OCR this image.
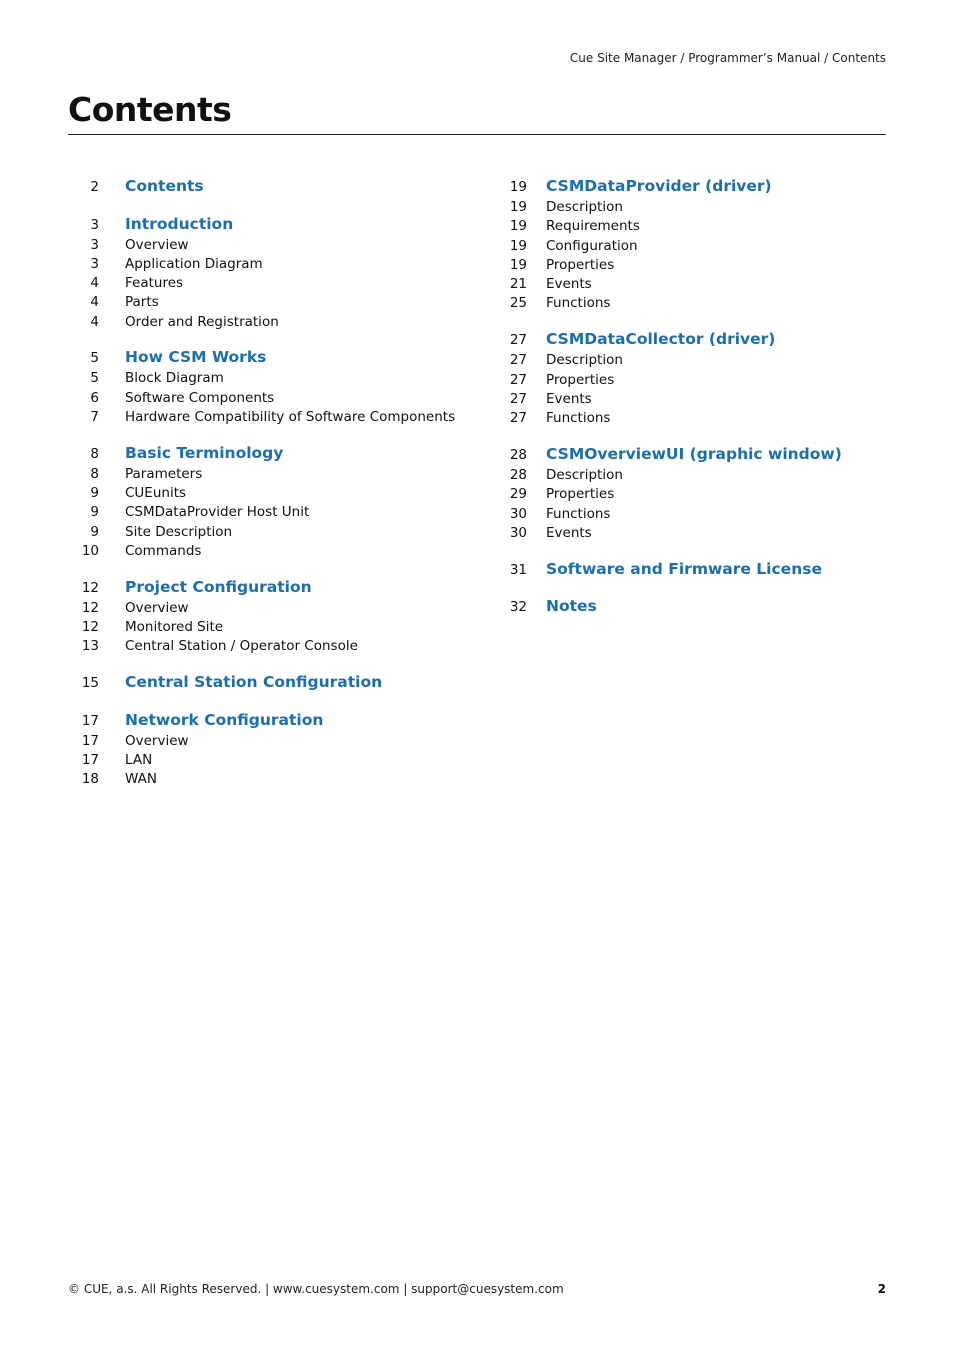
Cue Site Manager / Programmer’s Manual / Contents
Contents
2 Contents
3 Introduction
3 Overview
3 Application Diagram
4 Features
4 Parts
4 Order and Registration
5 How CSM Works
5 Block Diagram
6 Software Components
7 Hardware Compatibility of Software Components
8 Basic Terminology
8 Parameters
9 CUEunits
9 CSMDataProvider Host Unit
9 Site Description
10 Commands
12 Project Configuration
12 Overview
12 Monitored Site
13 Central Station / Operator Console
15 Central Station Configuration
17 Network Configuration
17 Overview
17 LAN
18 WAN
19 CSMDataProvider (driver)
19 Description
19 Requirements
19 Configuration
19 Properties
21 Events
25 Functions
27 CSMDataCollector (driver)
27 Description
27 Properties
27 Events
27 Functions
28 CSMOverviewUI (graphic window)
28 Description
29 Properties
30 Functions
30 Events
31 Software and Firmware License
32 Notes
© CUE, a.s. All Rights Reserved. | www.cuesystem.com | support@cuesystem.com	2
